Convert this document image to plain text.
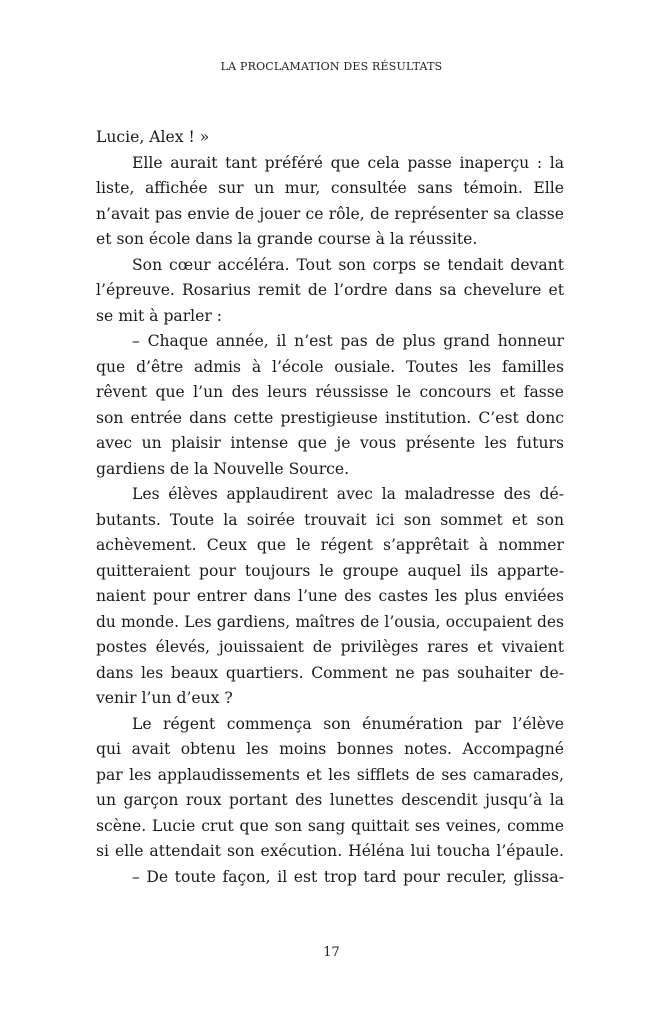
LA PROCLAMATION DES RÉSULTATS
Lucie, Alex ! »
Elle aurait tant préféré que cela passe inaperçu : la
liste, affichée sur un mur, consultée sans témoin. Elle
n’avait pas envie de jouer ce rôle, de représenter sa classe
et son école dans la grande course à la réussite.
Son cœur accéléra. Tout son corps se tendait devant
l’épreuve. Rosarius remit de l’ordre dans sa chevelure et
se mit à parler :
– Chaque année, il n’est pas de plus grand honneur
que d’être admis à l’école ousiale. Toutes les familles
rêvent que l’un des leurs réussisse le concours et fasse
son entrée dans cette prestigieuse institution. C’est donc
avec un plaisir intense que je vous présente les futurs
gardiens de la Nouvelle Source.
Les élèves applaudirent avec la maladresse des dé-
butants. Toute la soirée trouvait ici son sommet et son
achèvement. Ceux que le régent s’apprêtait à nommer
quitteraient pour toujours le groupe auquel ils apparte-
naient pour entrer dans l’une des castes les plus enviées
du monde. Les gardiens, maîtres de l’ousia, occupaient des
postes élevés, jouissaient de privilèges rares et vivaient
dans les beaux quartiers. Comment ne pas souhaiter de-
venir l’un d’eux ?
Le régent commença son énumération par l’élève
qui avait obtenu les moins bonnes notes. Accompagné
par les applaudissements et les sifflets de ses camarades,
un garçon roux portant des lunettes descendit jusqu’à la
scène. Lucie crut que son sang quittait ses veines, comme
si elle attendait son exécution. Héléna lui toucha l’épaule.
– De toute façon, il est trop tard pour reculer, glissa-
17
